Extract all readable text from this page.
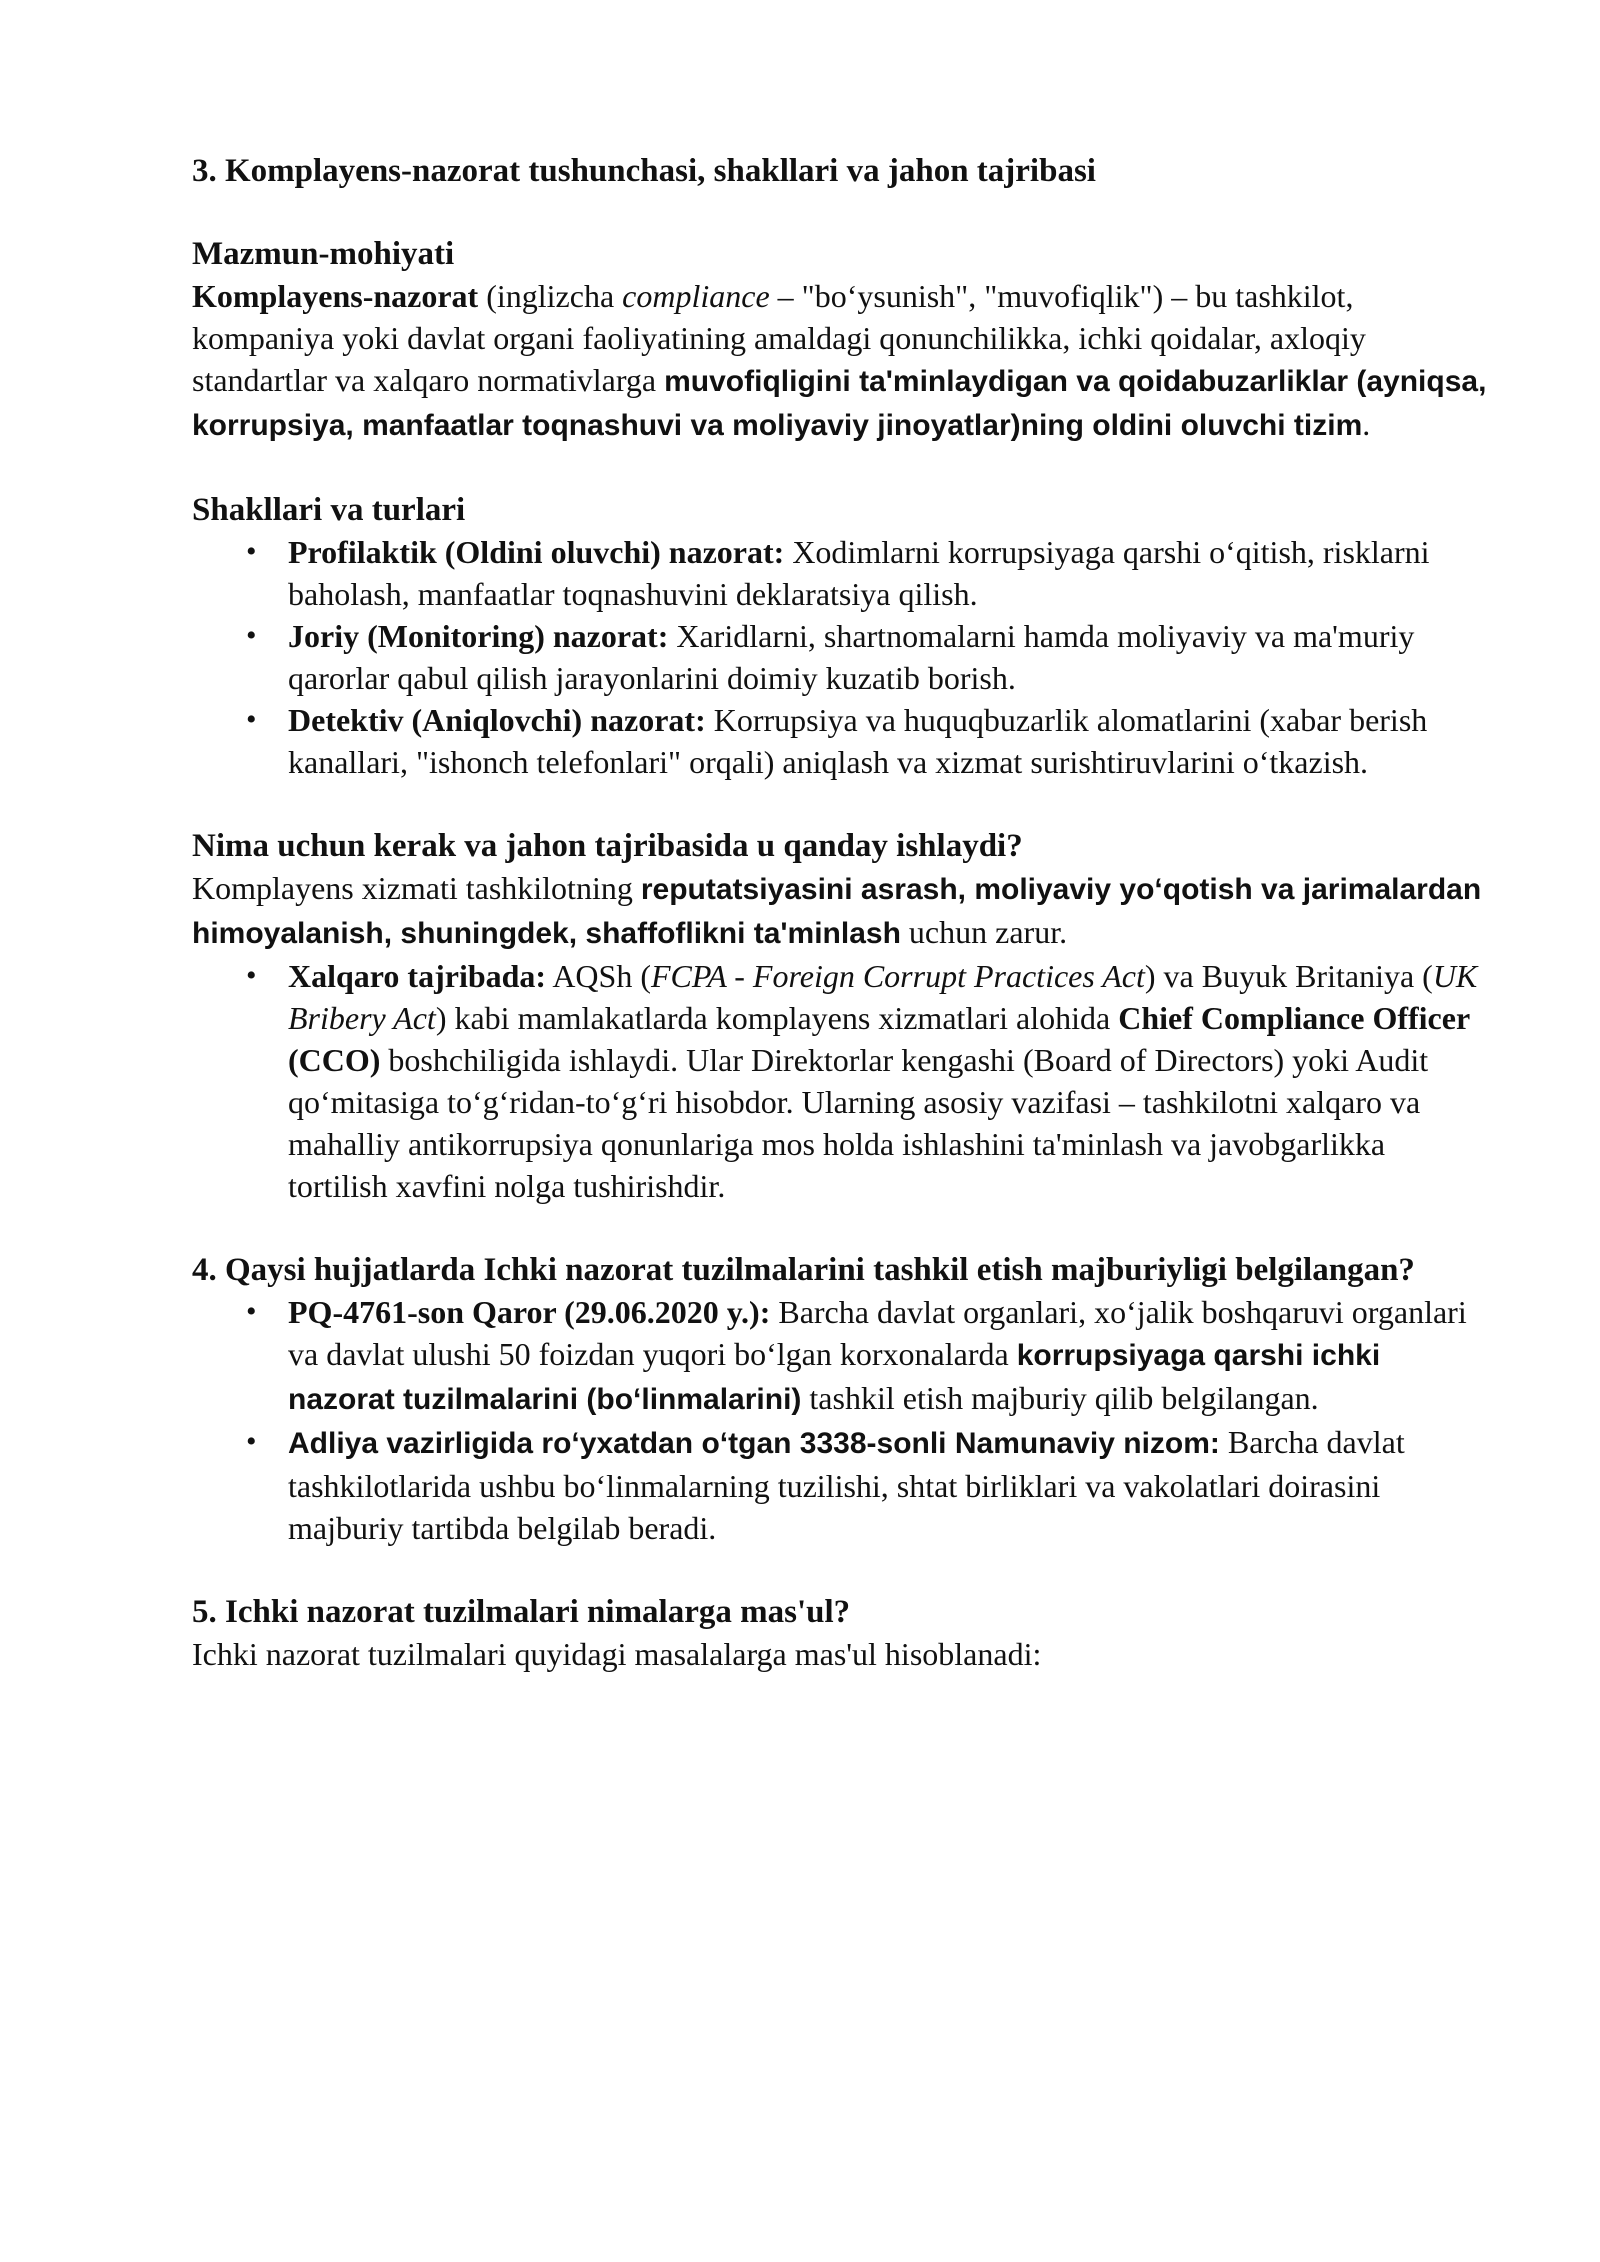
3. Komplayens-nazorat tushunchasi, shakllari va jahon tajribasi

Mazmun-mohiyati

Komplayens-nazorat (inglizcha compliance – "bo‘ysunish", "muvofiqlik") – bu tashkilot, kompaniya yoki davlat organi faoliyatining amaldagi qonunchilikka, ichki qoidalar, axloqiy standartlar va xalqaro normativlarga muvofiqligini ta'minlaydigan va qoidabuzarliklar (ayniqsa, korrupsiya, manfaatlar toqnashuvi va moliyaviy jinoyatlar)ning oldini oluvchi tizim.

Shakllari va turlari

• Profilaktik (Oldini oluvchi) nazorat: Xodimlarni korrupsiyaga qarshi o‘qitish, risklarni baholash, manfaatlar toqnashuvini deklaratsiya qilish.
• Joriy (Monitoring) nazorat: Xaridlarni, shartnomalarni hamda moliyaviy va ma'muriy qarorlar qabul qilish jarayonlarini doimiy kuzatib borish.
• Detektiv (Aniqlovchi) nazorat: Korrupsiya va huquqbuzarlik alomatlarini (xabar berish kanallari, "ishonch telefonlari" orqali) aniqlash va xizmat surishtiruvlarini o‘tkazish.

Nima uchun kerak va jahon tajribasida u qanday ishlaydi?

Komplayens xizmati tashkilotning reputatsiyasini asrash, moliyaviy yo‘qotish va jarimalardan himoyalanish, shuningdek, shaffoflikni ta'minlash uchun zarur.

• Xalqaro tajribada: AQSh (FCPA - Foreign Corrupt Practices Act) va Buyuk Britaniya (UK Bribery Act) kabi mamlakatlarda komplayens xizmatlari alohida Chief Compliance Officer (CCO) boshchiligida ishlaydi. Ular Direktorlar kengashi (Board of Directors) yoki Audit qo‘mitasiga to‘g‘ridan-to‘g‘ri hisobdor. Ularning asosiy vazifasi – tashkilotni xalqaro va mahalliy antikorrupsiya qonunlariga mos holda ishlashini ta'minlash va javobgarlikka tortilish xavfini nolga tushirishdir.

4. Qaysi hujjatlarda Ichki nazorat tuzilmalarini tashkil etish majburiyligi belgilangan?

• PQ-4761-son Qaror (29.06.2020 y.): Barcha davlat organlari, xo‘jalik boshqaruvi organlari va davlat ulushi 50 foizdan yuqori bo‘lgan korxonalarda korrupsiyaga qarshi ichki nazorat tuzilmalarini (bo‘linmalarini) tashkil etish majburiy qilib belgilangan.
• Adliya vazirligida ro‘yxatdan o‘tgan 3338-sonli Namunaviy nizom: Barcha davlat tashkilotlarida ushbu bo‘linmalarning tuzilishi, shtat birliklari va vakolatlari doirasini majburiy tartibda belgilab beradi.

5. Ichki nazorat tuzilmalari nimalarga mas'ul?

Ichki nazorat tuzilmalari quyidagi masalalarga mas'ul hisoblanadi:
